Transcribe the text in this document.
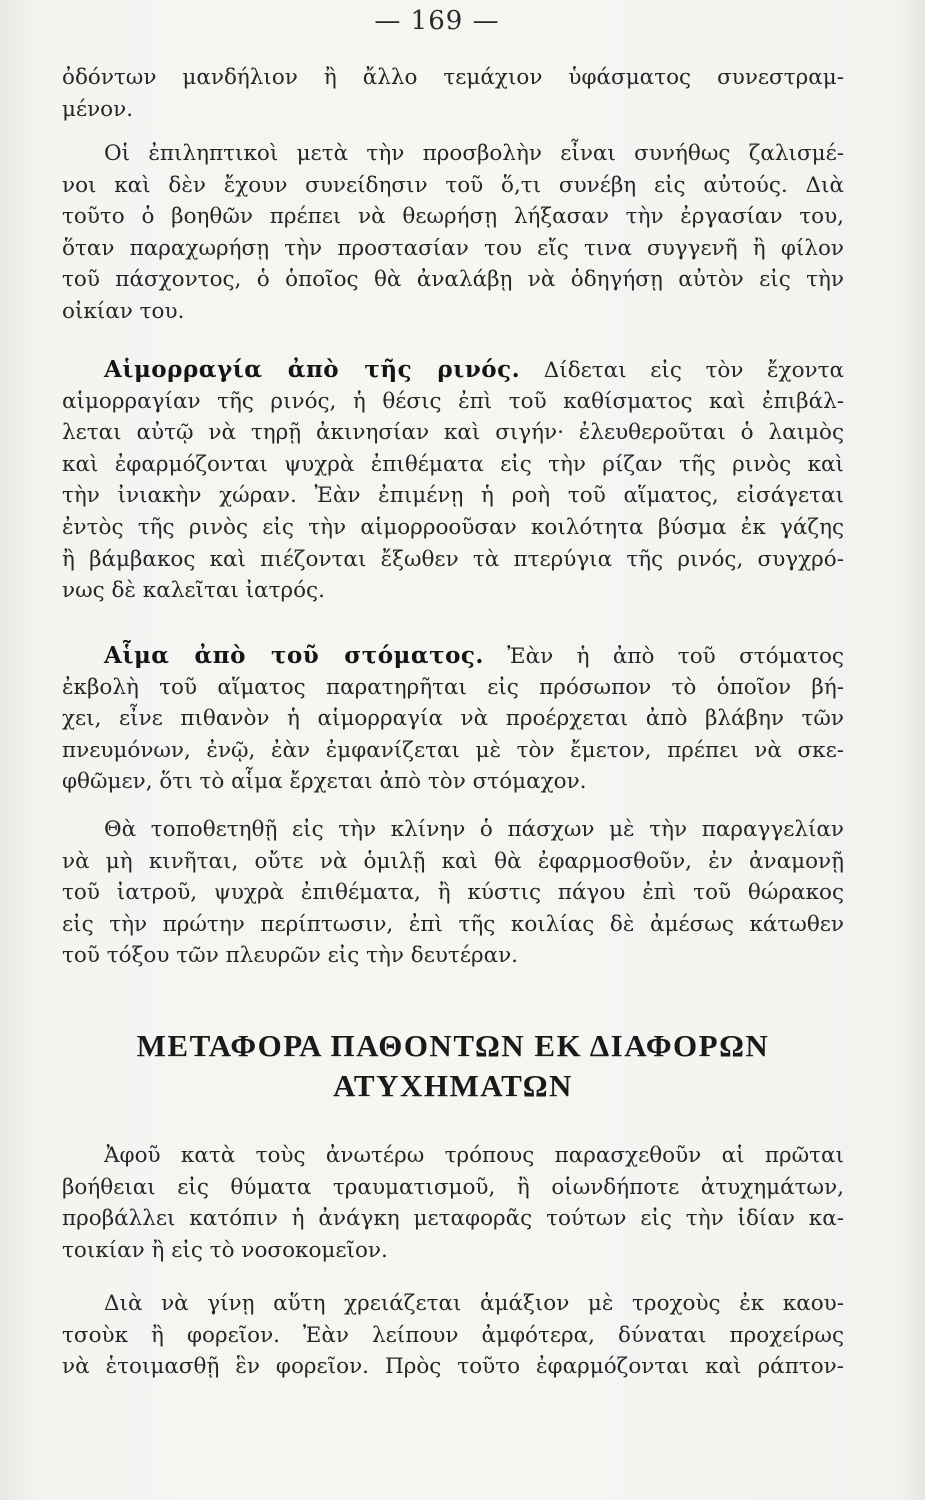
— 169 —
ὀδόντων μανδήλιον ἢ ἄλλο τεμάχιον ὑφάσματος συνεστραμ-
μένον.
Οἱ ἐπιληπτικοὶ μετὰ τὴν προσβολὴν εἶναι συνήθως ζαλισμέ-
νοι καὶ δὲν ἔχουν συνείδησιν τοῦ ὅ,τι συνέβη εἰς αὐτούς. Διὰ
τοῦτο ὁ βοηθῶν πρέπει νὰ θεωρήσῃ λήξασαν τὴν ἐργασίαν του,
ὅταν παραχωρήσῃ τὴν προστασίαν του εἴς τινα συγγενῆ ἢ φίλον
τοῦ πάσχοντος, ὁ ὁποῖος θὰ ἀναλάβῃ νὰ ὁδηγήσῃ αὐτὸν εἰς τὴν
οἰκίαν του.
Αἱμορραγία ἀπὸ τῆς ρινός. Δίδεται εἰς τὸν ἔχοντα
αἱμορραγίαν τῆς ρινός, ἡ θέσις ἐπὶ τοῦ καθίσματος καὶ ἐπιβάλ-
λεται αὐτῷ νὰ τηρῇ ἀκινησίαν καὶ σιγήν· ἐλευθεροῦται ὁ λαιμὸς
καὶ ἐφαρμόζονται ψυχρὰ ἐπιθέματα εἰς τὴν ρίζαν τῆς ρινὸς καὶ
τὴν ἰνιακὴν χώραν. Ἐὰν ἐπιμένῃ ἡ ροὴ τοῦ αἵματος, εἰσάγεται
ἐντὸς τῆς ρινὸς εἰς τὴν αἱμορροοῦσαν κοιλότητα βύσμα ἐκ γάζης
ἢ βάμβακος καὶ πιέζονται ἔξωθεν τὰ πτερύγια τῆς ρινός, συγχρό-
νως δὲ καλεῖται ἰατρός.
Αἷμα ἀπὸ τοῦ στόματος. Ἐὰν ἡ ἀπὸ τοῦ στόματος
ἐκβολὴ τοῦ αἵματος παρατηρῆται εἰς πρόσωπον τὸ ὁποῖον βή-
χει, εἶνε πιθανὸν ἡ αἱμορραγία νὰ προέρχεται ἀπὸ βλάβην τῶν
πνευμόνων, ἐνῷ, ἐὰν ἐμφανίζεται μὲ τὸν ἔμετον, πρέπει νὰ σκε-
φθῶμεν, ὅτι τὸ αἷμα ἔρχεται ἀπὸ τὸν στόμαχον.
Θὰ τοποθετηθῇ εἰς τὴν κλίνην ὁ πάσχων μὲ τὴν παραγγελίαν
νὰ μὴ κινῆται, οὔτε νὰ ὁμιλῇ καὶ θὰ ἐφαρμοσθοῦν, ἐν ἀναμονῇ
τοῦ ἰατροῦ, ψυχρὰ ἐπιθέματα, ἢ κύστις πάγου ἐπὶ τοῦ θώρακος
εἰς τὴν πρώτην περίπτωσιν, ἐπὶ τῆς κοιλίας δὲ ἀμέσως κάτωθεν
τοῦ τόξου τῶν πλευρῶν εἰς τὴν δευτέραν.
ΜΕΤΑΦΟΡΑ ΠΑΘΟΝΤΩΝ ΕΚ ΔΙΑΦΟΡΩΝ
ΑΤΥΧΗΜΑΤΩΝ
Ἀφοῦ κατὰ τοὺς ἀνωτέρω τρόπους παρασχεθοῦν αἱ πρῶται
βοήθειαι εἰς θύματα τραυματισμοῦ, ἢ οἱωνδήποτε ἀτυχημάτων,
προβάλλει κατόπιν ἡ ἀνάγκη μεταφορᾶς τούτων εἰς τὴν ἰδίαν κα-
τοικίαν ἢ εἰς τὸ νοσοκομεῖον.
Διὰ νὰ γίνῃ αὕτη χρειάζεται ἁμάξιον μὲ τροχοὺς ἐκ καου-
τσοὺκ ἢ φορεῖον. Ἐὰν λείπουν ἀμφότερα, δύναται προχείρως
νὰ ἑτοιμασθῇ ἓν φορεῖον. Πρὸς τοῦτο ἐφαρμόζονται καὶ ράπτον-
